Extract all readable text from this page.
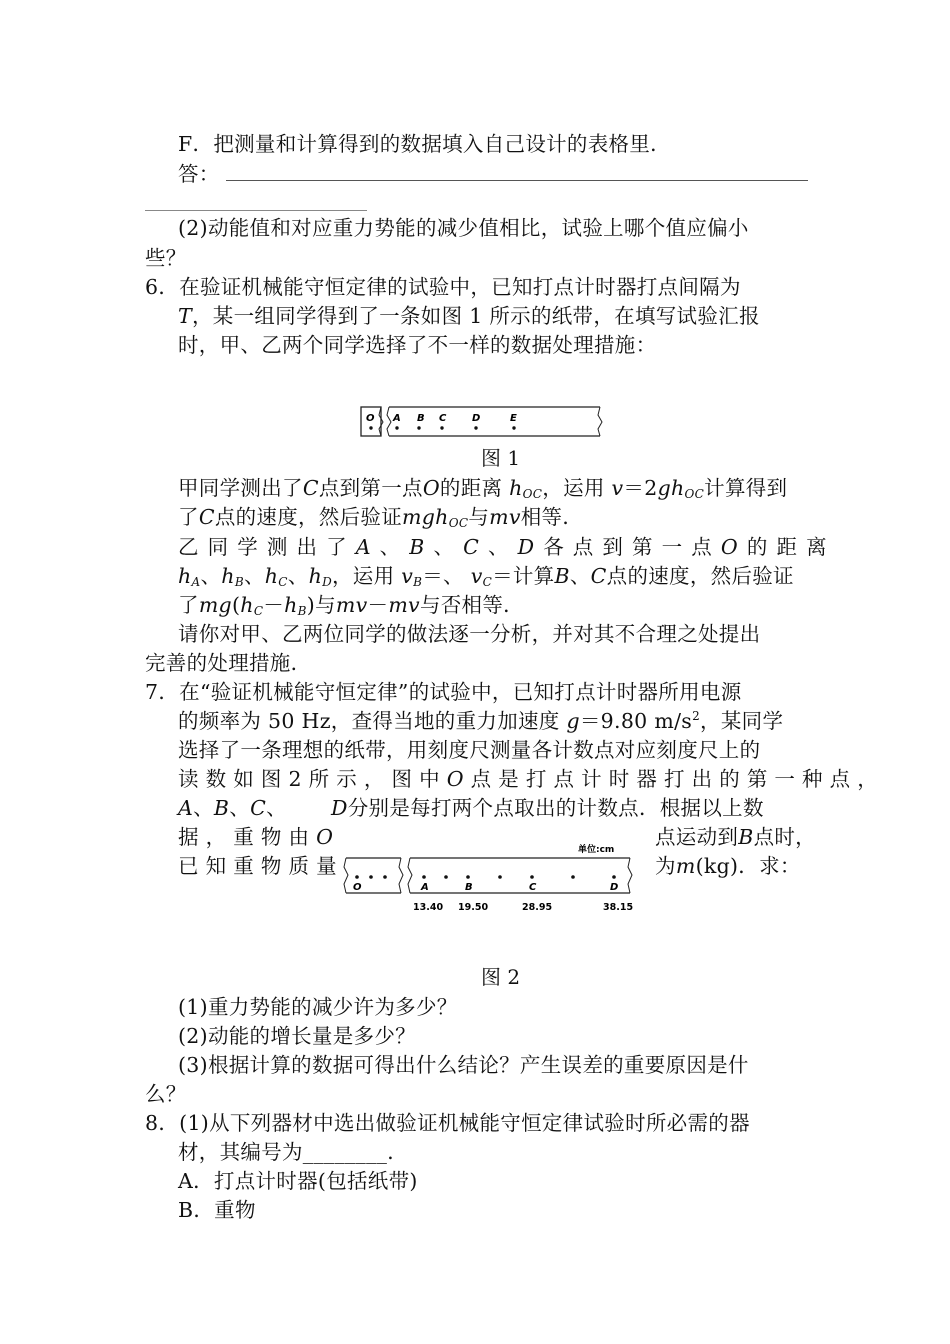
F．把测量和计算得到的数据填入自己设计的表格里．
答：
(2)动能值和对应重力势能的减少值相比，试验上哪个值应偏小
些？
6．在验证机械能守恒定律的试验中，已知打点计时器打点间隔为
T，某一组同学得到了一条如图 1 所示的纸带，在填写试验汇报
时，甲、乙两个同学选择了不一样的数据处理措施：
O A B C	D	E
图 1
甲同学测出了C点到第一点O的距离 $h_{OC}$，运用 $v=2gh_{OC}$计算得到
了C点的速度，然后验证mgh$_{OC}$与mv相等．
乙 同 学 测 出 了 A 、 B 、 C 、 D 各 点 到 第 一 点 O 的 距 离
$h_A$、$h_B$、$h_C$、$h_D$，运用 $v_B=$、 $v_C=$计算B、C点的速度，然后验证
了$mg(h_C-h_B)$与mv－mv与否相等．
请你对甲、乙两位同学的做法逐一分析，并对其不合理之处提出
完善的处理措施．
7．在“验证机械能守恒定律”的试验中，已知打点计时器所用电源
的频率为 50 Hz，查得当地的重力加速度 g＝9.80 $m/s^2$，某同学
选择了一条理想的纸带，用刻度尺测量各计数点对应刻度尺上的
读 数 如 图 2 所 示 ， 图 中 O 点 是 打 点 计 时 器 打 出 的 第 一 种 点 ，
A、B、C、 D分别是每打两个点取出的计数点．根据以上数
据 ， 重 物 由 O	点运动到B点时，
已 知 重 物 质 量	为m(kg)．求：
单位:cm
O	A	B	C	D
13.40 19.50	28.95	38.15
图 2
(1)重力势能的减少许为多少？
(2)动能的增长量是多少？
(3)根据计算的数据可得出什么结论？产生误差的重要原因是什
么？
8．(1)从下列器材中选出做验证机械能守恒定律试验时所必需的器
材，其编号为________．
A．打点计时器(包括纸带)
B．重物
